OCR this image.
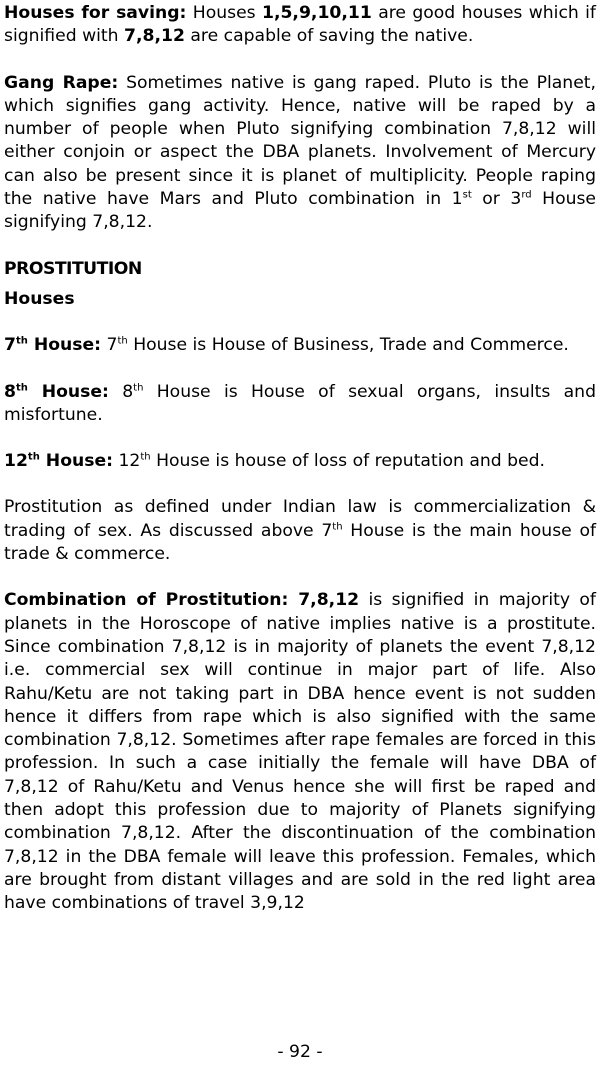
Houses for saving: Houses 1,5,9,10,11 are good houses which if signified with 7,8,12 are capable of saving the native.

Gang Rape: Sometimes native is gang raped. Pluto is the Planet, which signifies gang activity. Hence, native will be raped by a number of people when Pluto signifying combination 7,8,12 will either conjoin or aspect the DBA planets. Involvement of Mercury can also be present since it is planet of multiplicity. People raping the native have Mars and Pluto combination in 1st or 3rd House signifying 7,8,12.

PROSTITUTION
Houses

7th House: 7th House is House of Business, Trade and Commerce.

8th House: 8th House is House of sexual organs, insults and misfortune.

12th House: 12th House is house of loss of reputation and bed.

Prostitution as defined under Indian law is commercialization & trading of sex. As discussed above 7th House is the main house of trade & commerce.

Combination of Prostitution: 7,8,12 is signified in majority of planets in the Horoscope of native implies native is a prostitute. Since combination 7,8,12 is in majority of planets the event 7,8,12 i.e. commercial sex will continue in major part of life. Also Rahu/Ketu are not taking part in DBA hence event is not sudden hence it differs from rape which is also signified with the same combination 7,8,12. Sometimes after rape females are forced in this profession. In such a case initially the female will have DBA of 7,8,12 of Rahu/Ketu and Venus hence she will first be raped and then adopt this profession due to majority of Planets signifying combination 7,8,12. After the discontinuation of the combination 7,8,12 in the DBA female will leave this profession. Females, which are brought from distant villages and are sold in the red light area have combinations of travel 3,9,12

- 92 -
